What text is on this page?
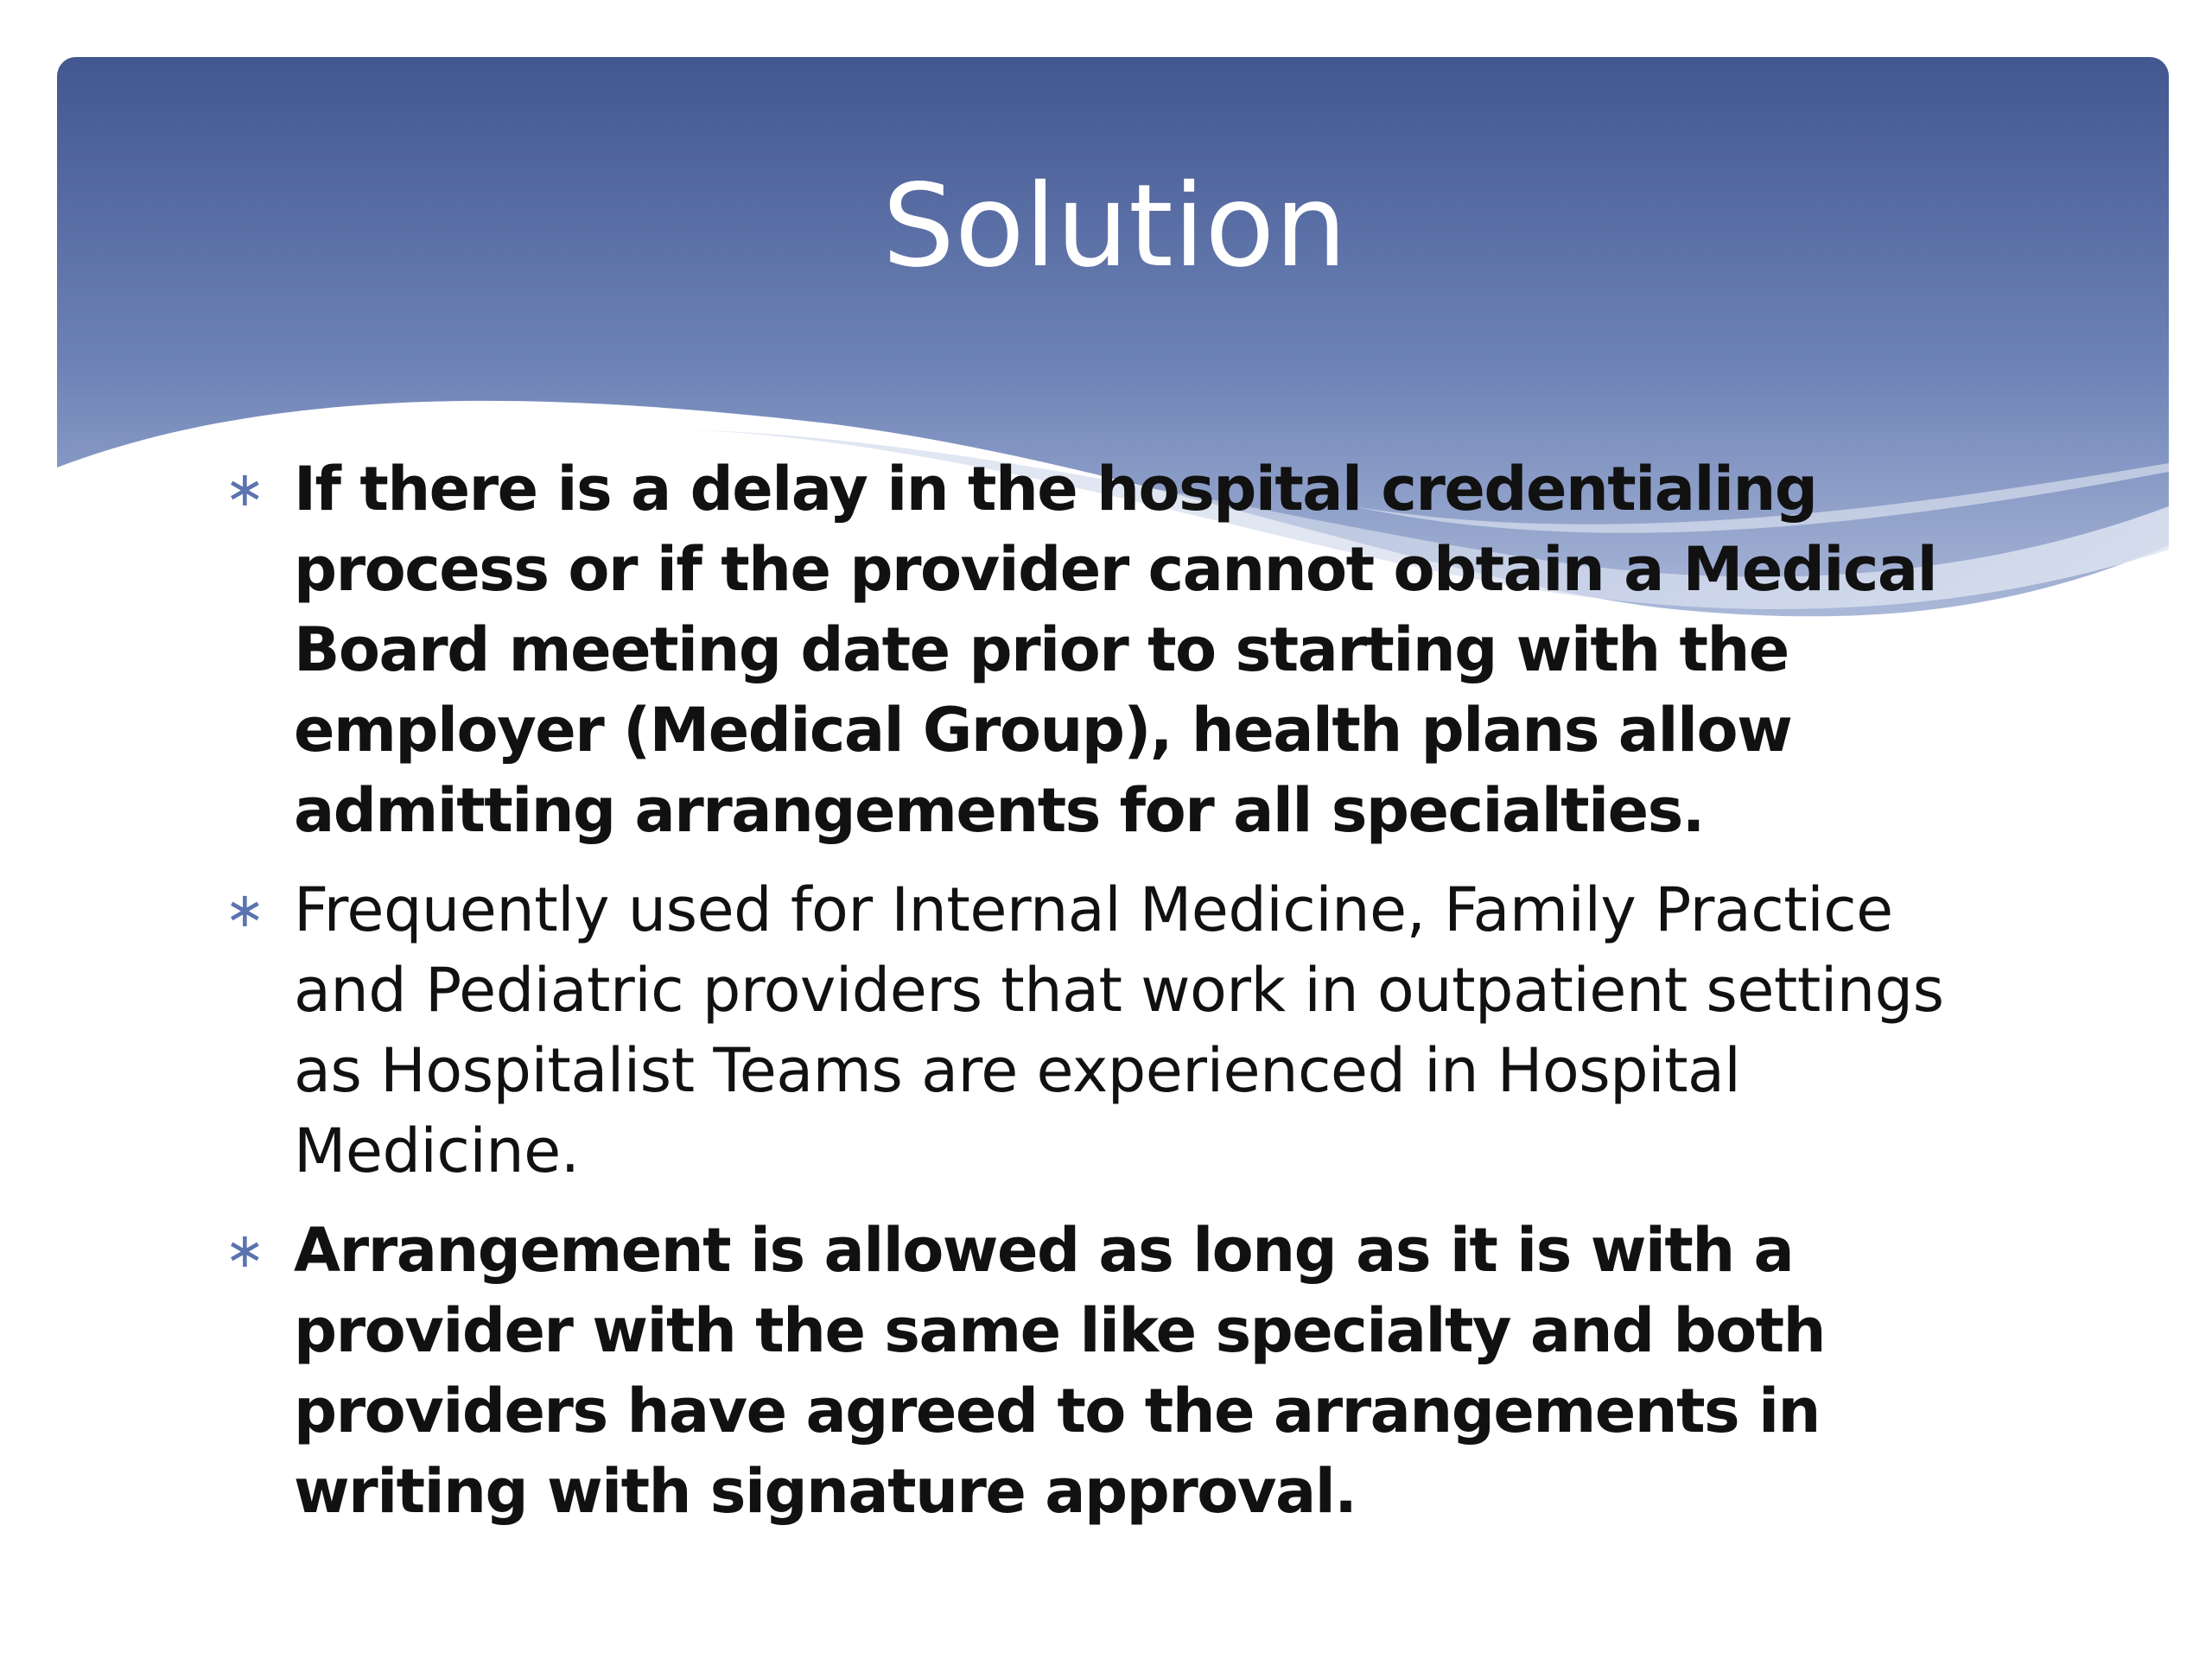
Solution
∗ If there is a delay in the hospital credentialing process or if the provider cannot obtain a Medical Board meeting date prior to starting with the employer (Medical Group), health plans allow admitting arrangements for all specialties.
∗ Frequently used for Internal Medicine, Family Practice and Pediatric providers that work in outpatient settings as Hospitalist Teams are experienced in Hospital Medicine.
∗ Arrangement is allowed as long as it is with a provider with the same like specialty and both providers have agreed to the arrangements in writing with signature approval.
